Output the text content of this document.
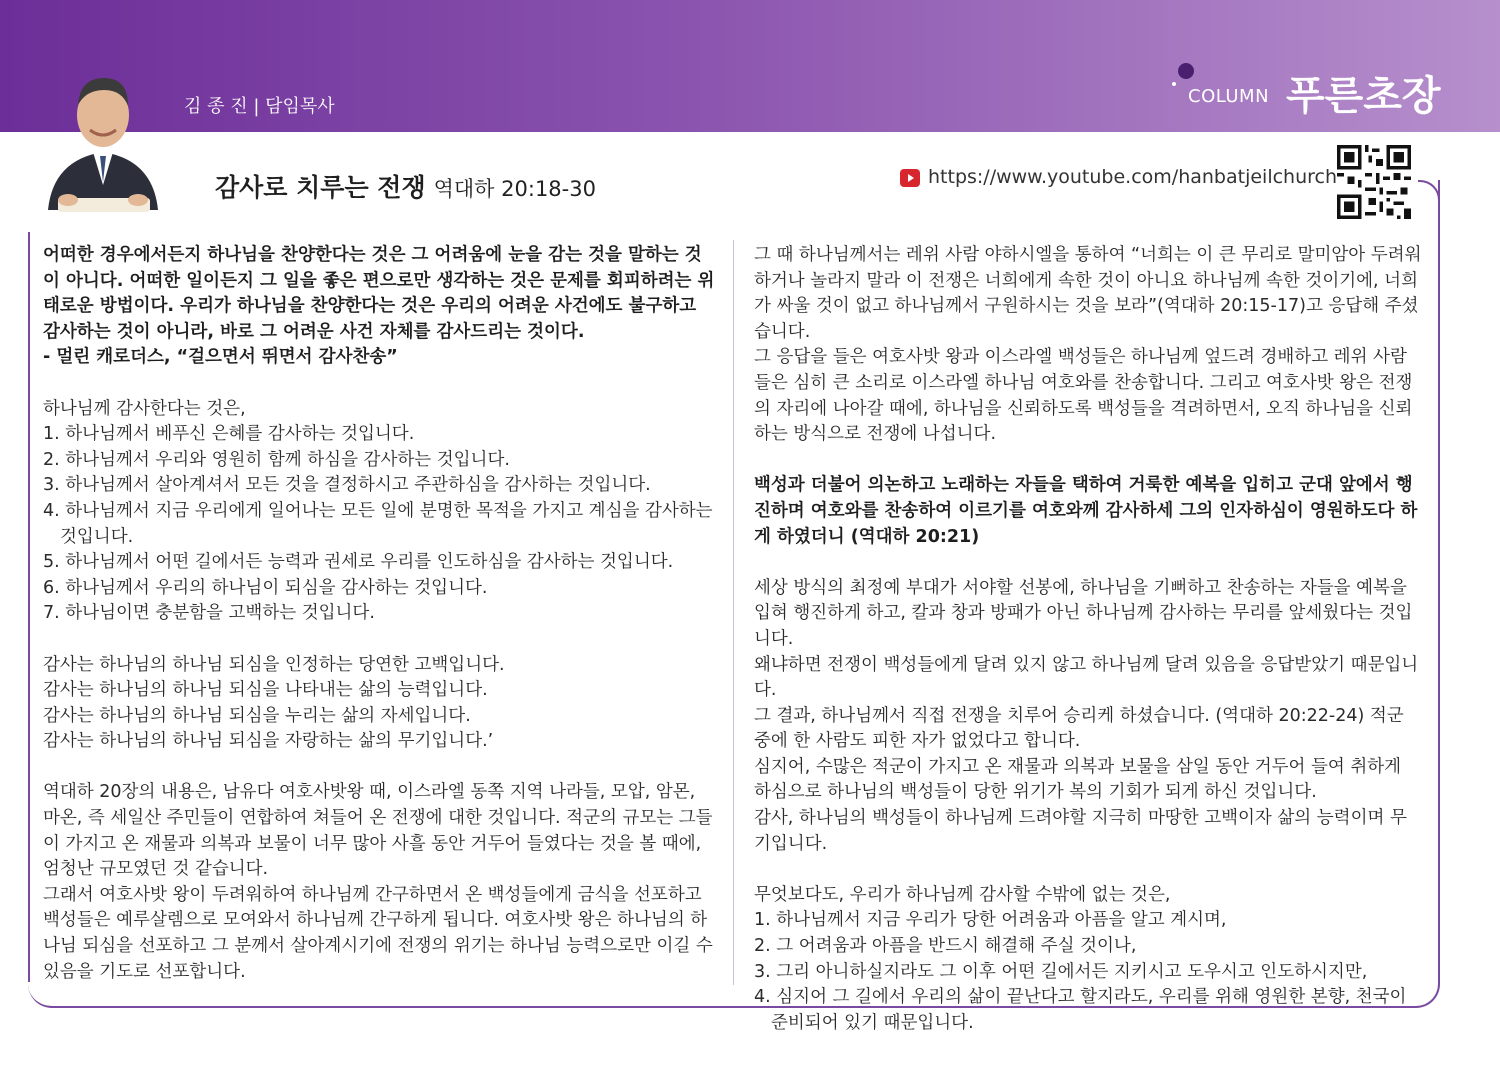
COLUMN 푸른초장
김 종 진 | 담임목사
감사로 치루는 전쟁 역대하 20:18-30	https://www.youtube.com/hanbatjeilchurch

어떠한 경우에서든지 하나님을 찬양한다는 것은 그 어려움에 눈을 감는 것을 말하는 것이 아니다. 어떠한 일이든지 그 일을 좋은 편으로만 생각하는 것은 문제를 회피하려는 위태로운 방법이다. 우리가 하나님을 찬양한다는 것은 우리의 어려운 사건에도 불구하고 감사하는 것이 아니라, 바로 그 어려운 사건 자체를 감사드리는 것이다.

- 멀린 캐로더스, “걸으면서 뛰면서 감사찬송”

하나님께 감사한다는 것은,

1. 하나님께서 베푸신 은혜를 감사하는 것입니다.

2. 하나님께서 우리와 영원히 함께 하심을 감사하는 것입니다.

3. 하나님께서 살아계셔서 모든 것을 결정하시고 주관하심을 감사하는 것입니다.

4. 하나님께서 지금 우리에게 일어나는 모든 일에 분명한 목적을 가지고 계심을 감사하는 것입니다.

5. 하나님께서 어떤 길에서든 능력과 권세로 우리를 인도하심을 감사하는 것입니다.

6. 하나님께서 우리의 하나님이 되심을 감사하는 것입니다.

7. 하나님이면 충분함을 고백하는 것입니다.

감사는 하나님의 하나님 되심을 인정하는 당연한 고백입니다.

감사는 하나님의 하나님 되심을 나타내는 삶의 능력입니다.

감사는 하나님의 하나님 되심을 누리는 삶의 자세입니다.

감사는 하나님의 하나님 되심을 자랑하는 삶의 무기입니다.’

역대하 20장의 내용은, 남유다 여호사밧왕 때, 이스라엘 동쪽 지역 나라들, 모압, 암몬, 마온, 즉 세일산 주민들이 연합하여 쳐들어 온 전쟁에 대한 것입니다. 적군의 규모는 그들이 가지고 온 재물과 의복과 보물이 너무 많아 사흘 동안 거두어 들였다는 것을 볼 때에, 엄청난 규모였던 것 같습니다.

그래서 여호사밧 왕이 두려워하여 하나님께 간구하면서 온 백성들에게 금식을 선포하고 백성들은 예루살렘으로 모여와서 하나님께 간구하게 됩니다. 여호사밧 왕은 하나님의 하나님 되심을 선포하고 그 분께서 살아계시기에 전쟁의 위기는 하나님 능력으로만 이길 수 있음을 기도로 선포합니다.

그 때 하나님께서는 레위 사람 야하시엘을 통하여 “너희는 이 큰 무리로 말미암아 두려워하거나 놀라지 말라 이 전쟁은 너희에게 속한 것이 아니요 하나님께 속한 것이기에, 너희가 싸울 것이 없고 하나님께서 구원하시는 것을 보라”(역대하 20:15-17)고 응답해 주셨습니다.

그 응답을 들은 여호사밧 왕과 이스라엘 백성들은 하나님께 엎드려 경배하고 레위 사람들은 심히 큰 소리로 이스라엘 하나님 여호와를 찬송합니다. 그리고 여호사밧 왕은 전쟁의 자리에 나아갈 때에, 하나님을 신뢰하도록 백성들을 격려하면서, 오직 하나님을 신뢰하는 방식으로 전쟁에 나섭니다.

백성과 더불어 의논하고 노래하는 자들을 택하여 거룩한 예복을 입히고 군대 앞에서 행진하며 여호와를 찬송하여 이르기를 여호와께 감사하세 그의 인자하심이 영원하도다 하게 하였더니 (역대하 20:21)

세상 방식의 최정예 부대가 서야할 선봉에, 하나님을 기뻐하고 찬송하는 자들을 예복을 입혀 행진하게 하고, 칼과 창과 방패가 아닌 하나님께 감사하는 무리를 앞세웠다는 것입니다.

왜냐하면 전쟁이 백성들에게 달려 있지 않고 하나님께 달려 있음을 응답받았기 때문입니다.

그 결과, 하나님께서 직접 전쟁을 치루어 승리케 하셨습니다. (역대하 20:22-24) 적군 중에 한 사람도 피한 자가 없었다고 합니다.

심지어, 수많은 적군이 가지고 온 재물과 의복과 보물을 삼일 동안 거두어 들여 취하게 하심으로 하나님의 백성들이 당한 위기가 복의 기회가 되게 하신 것입니다.

감사, 하나님의 백성들이 하나님께 드려야할 지극히 마땅한 고백이자 삶의 능력이며 무기입니다.

무엇보다도, 우리가 하나님께 감사할 수밖에 없는 것은,

1. 하나님께서 지금 우리가 당한 어려움과 아픔을 알고 계시며,

2. 그 어려움과 아픔을 반드시 해결해 주실 것이나,

3. 그리 아니하실지라도 그 이후 어떤 길에서든 지키시고 도우시고 인도하시지만,

4. 심지어 그 길에서 우리의 삶이 끝난다고 할지라도, 우리를 위해 영원한 본향, 천국이 준비되어 있기 때문입니다.
